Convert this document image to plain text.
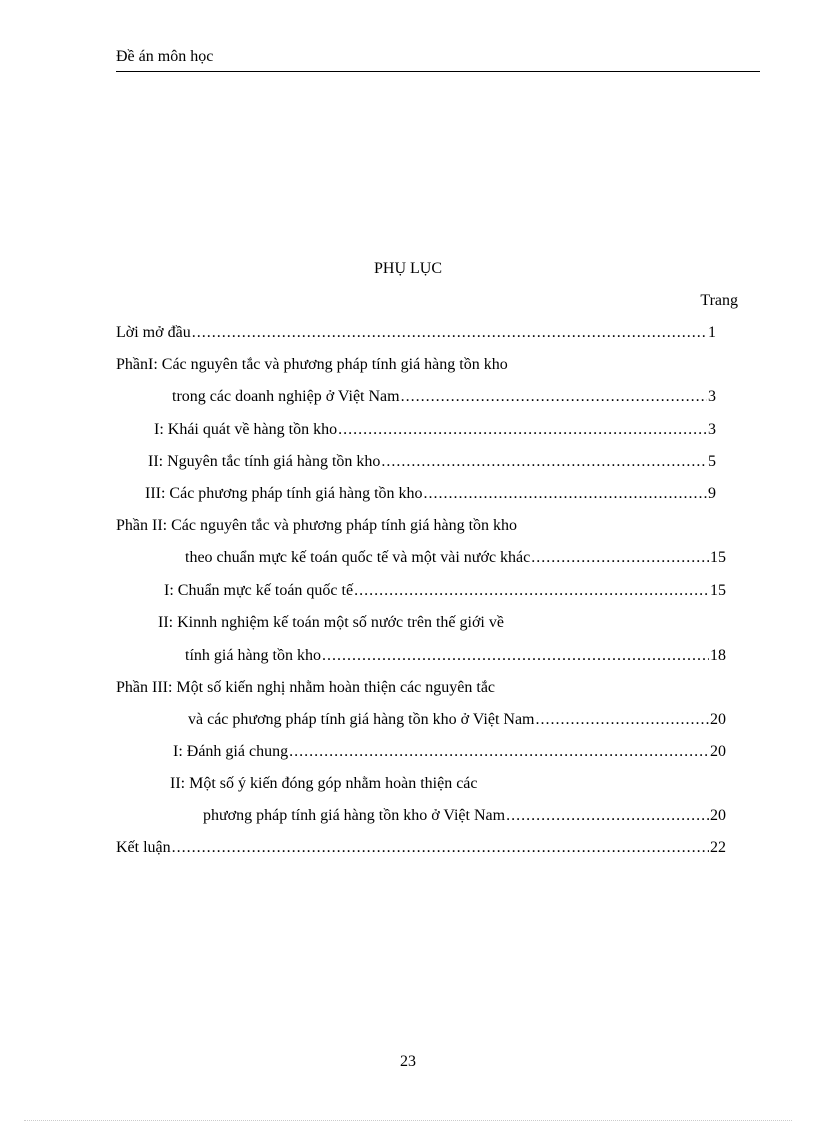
Đề án môn học
PHỤ LỤC
Trang
Lời mở đầu .....	1
PhầnI: Các nguyên tắc và phương pháp tính giá hàng tồn kho
trong các doanh nghiệp ở Việt Nam .....	3
I: Khái quát về hàng tồn kho .....	3
II: Nguyên tắc tính giá hàng tồn kho .....	5
III: Các phương pháp tính giá hàng tồn kho .....	9
Phần II: Các nguyên tắc và phương pháp tính giá hàng tồn kho
theo chuẩn mực kế toán quốc tế và một vài nước khác .....	15
I: Chuẩn mực kế toán quốc tế .....	15
II: Kinnh nghiệm kế toán một số nước trên thế giới về
tính giá hàng tồn kho .....	18
Phần III: Một số kiến nghị nhằm hoàn thiện các nguyên tắc
và các phương pháp tính giá hàng tồn kho ở Việt Nam .....	20
I: Đánh giá chung .....	20
II: Một số ý kiến đóng góp nhằm hoàn thiện các
phương pháp tính giá hàng tồn kho ở Việt Nam .....	20
Kết luận .....	22
23
